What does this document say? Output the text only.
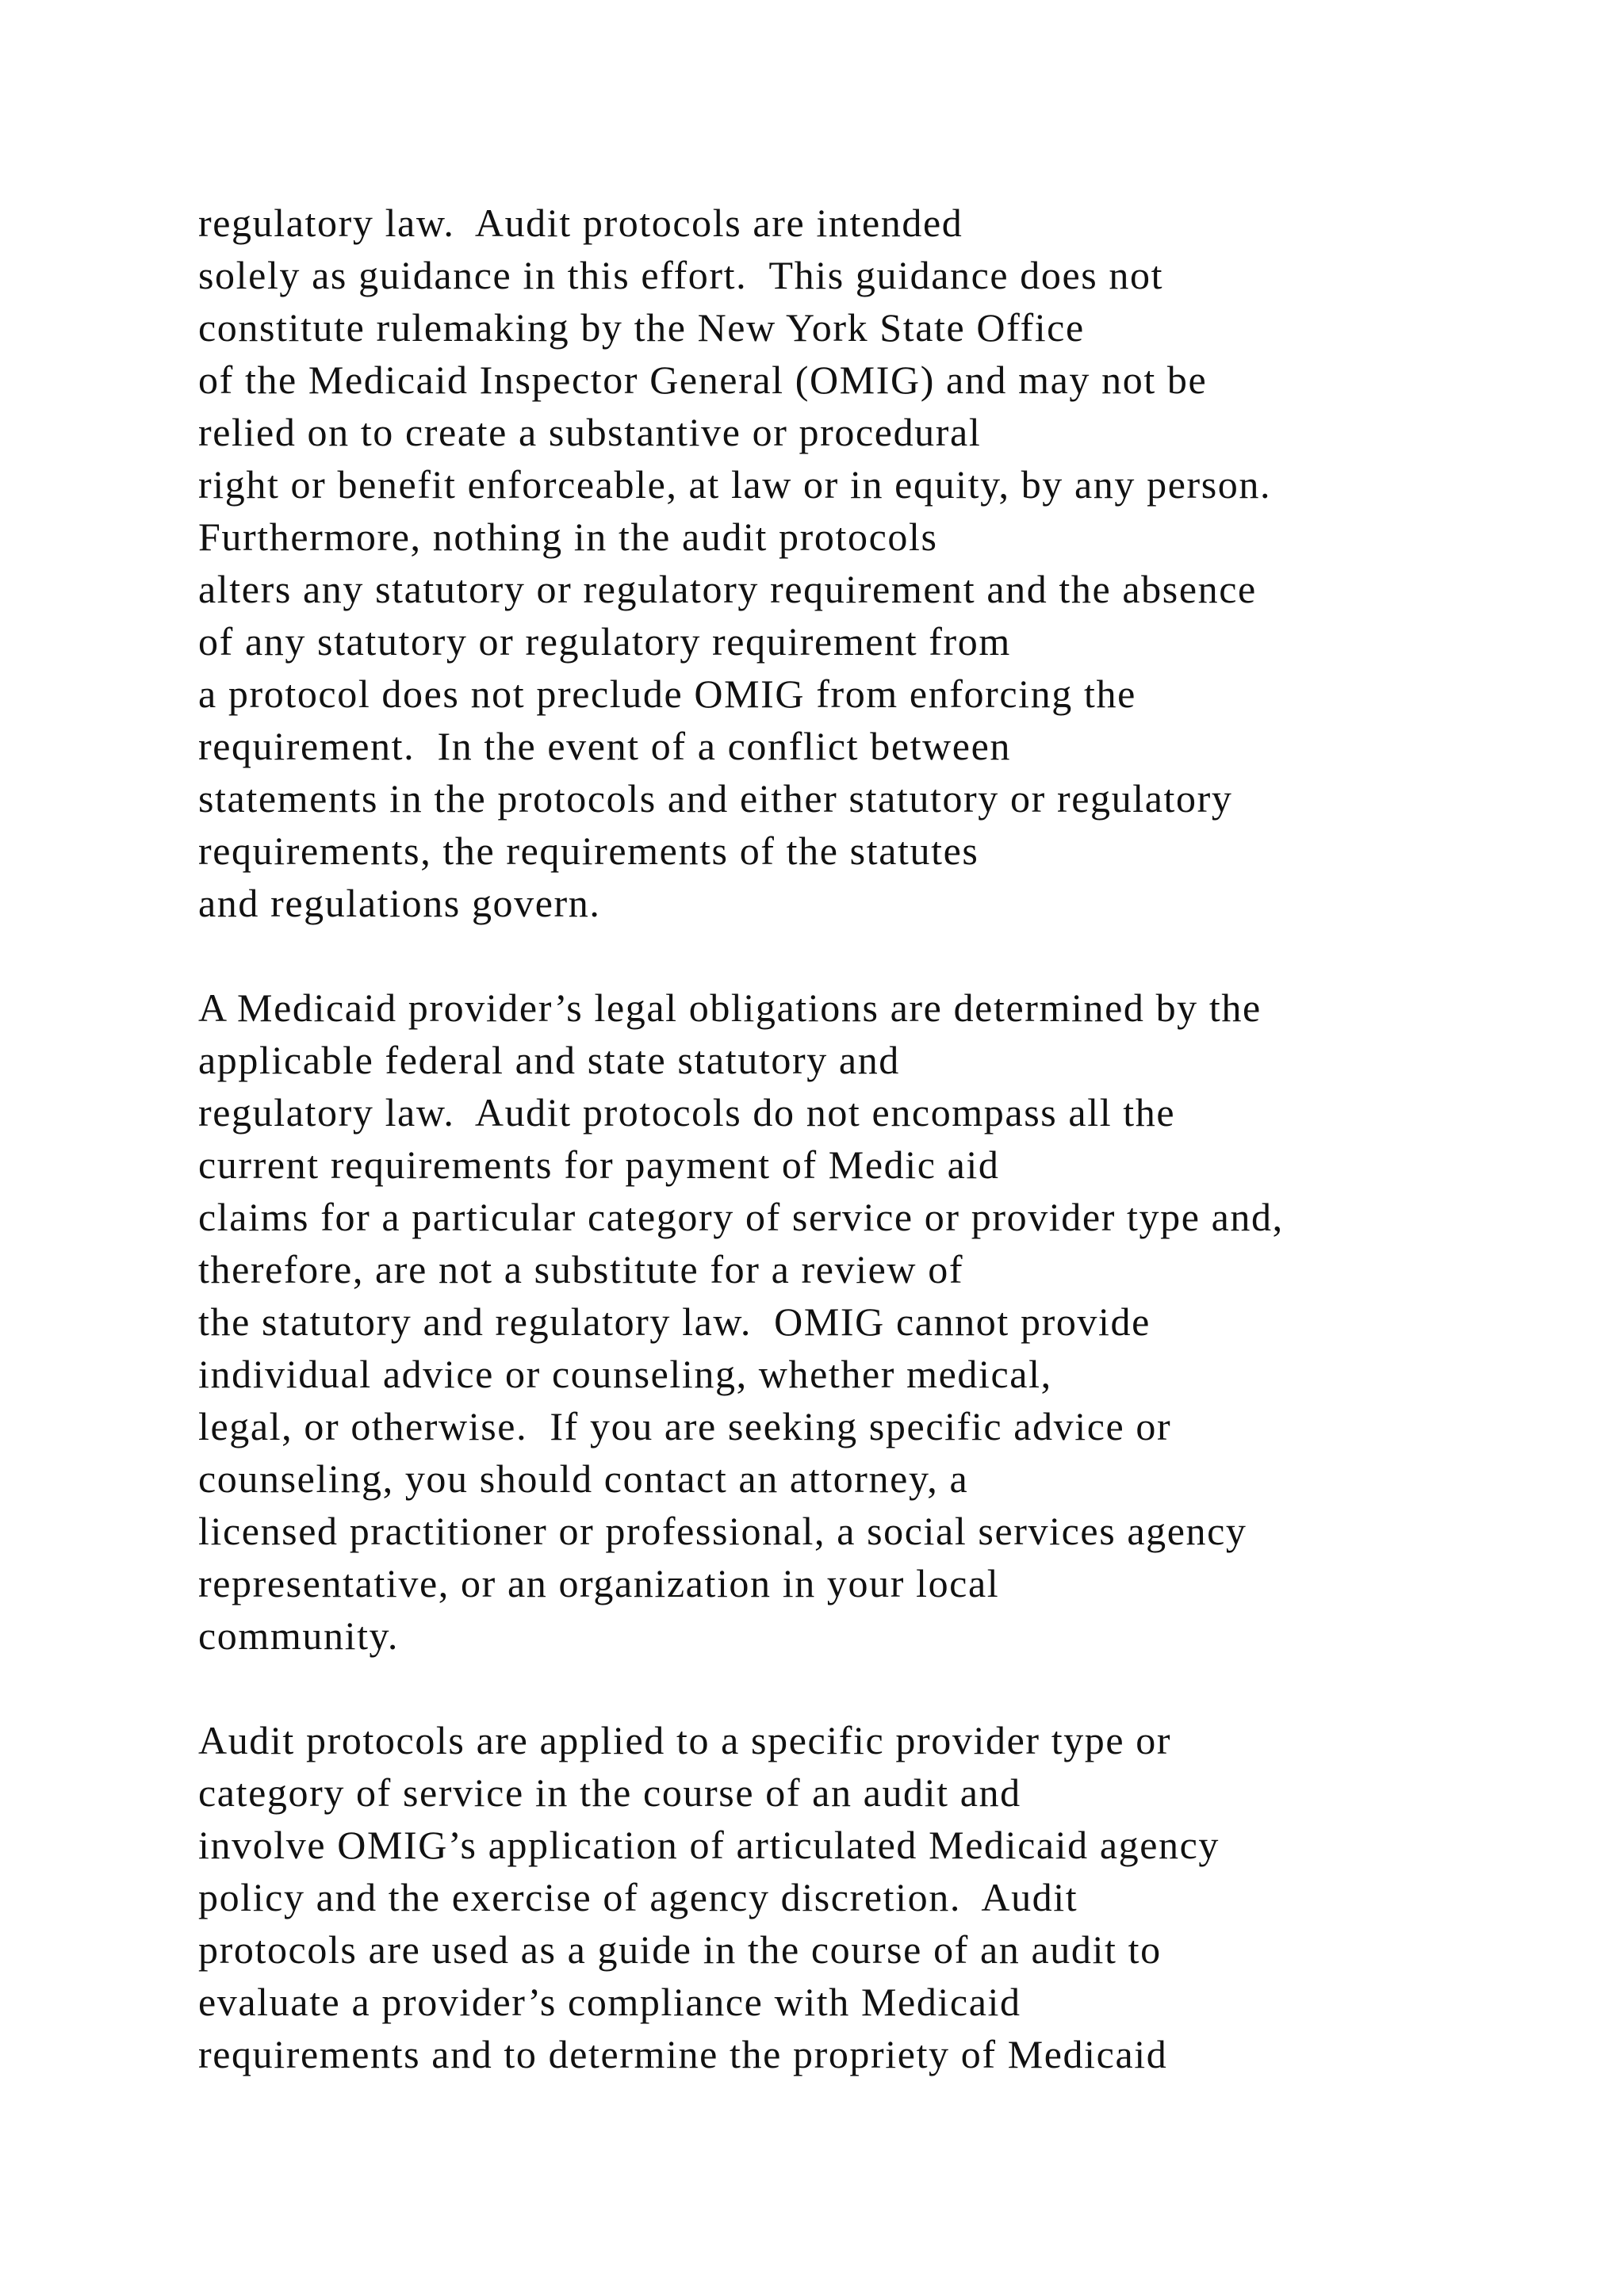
regulatory law.  Audit protocols are intended
solely as guidance in this effort.  This guidance does not
constitute rulemaking by the New York State Office
of the Medicaid Inspector General (OMIG) and may not be
relied on to create a substantive or procedural
right or benefit enforceable, at law or in equity, by any person.
Furthermore, nothing in the audit protocols
alters any statutory or regulatory requirement and the absence
of any statutory or regulatory requirement from
a protocol does not preclude OMIG from enforcing the
requirement.  In the event of a conflict between
statements in the protocols and either statutory or regulatory
requirements, the requirements of the statutes
and regulations govern.

A Medicaid provider’s legal obligations are determined by the
applicable federal and state statutory and
regulatory law.  Audit protocols do not encompass all the
current requirements for payment of Medic aid
claims for a particular category of service or provider type and,
therefore, are not a substitute for a review of
the statutory and regulatory law.  OMIG cannot provide
individual advice or counseling, whether medical,
legal, or otherwise.  If you are seeking specific advice or
counseling, you should contact an attorney, a
licensed practitioner or professional, a social services agency
representative, or an organization in your local
community.

Audit protocols are applied to a specific provider type or
category of service in the course of an audit and
involve OMIG’s application of articulated Medicaid agency
policy and the exercise of agency discretion.  Audit
protocols are used as a guide in the course of an audit to
evaluate a provider’s compliance with Medicaid
requirements and to determine the propriety of Medicaid
